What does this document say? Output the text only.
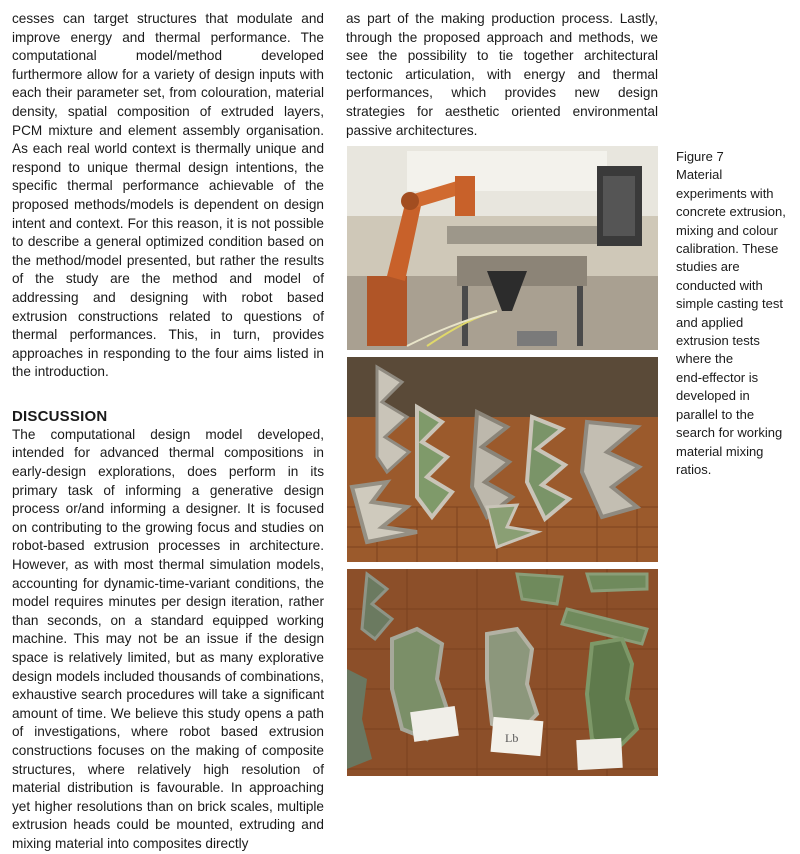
cesses can target structures that modulate and improve energy and thermal performance. The computational model/method developed furthermore allow for a variety of design inputs with each their parameter set, from colouration, material density, spatial composition of extruded layers, PCM mixture and element assembly organisation. As each real world context is thermally unique and respond to unique thermal design intentions, the specific thermal performance achievable of the proposed methods/models is dependent on design intent and context. For this reason, it is not possible to describe a general optimized condition based on the method/model presented, but rather the results of the study are the method and model of addressing and designing with robot based extrusion constructions related to questions of thermal performances. This, in turn, provides approaches in responding to the four aims listed in the introduction.

DISCUSSION

The computational design model developed, intended for advanced thermal compositions in early-design explorations, does perform in its primary task of informing a generative design process or/and informing a designer. It is focused on contributing to the growing focus and studies on robot-based extrusion processes in architecture. However, as with most thermal simulation models, accounting for dynamic-time-variant conditions, the model requires minutes per design iteration, rather than seconds, on a standard equipped working machine. This may not be an issue if the design space is relatively limited, but as many explorative design models included thousands of combinations, exhaustive search procedures will take a significant amount of time. We believe this study opens a path of investigations, where robot based extrusion constructions focuses on the making of composite structures, where relatively high resolution of material distribution is favourable. In approaching yet higher resolutions than on brick scales, multiple extrusion heads could be mounted, extruding and mixing material into composites directly

as part of the making production process. Lastly, through the proposed approach and methods, we see the possibility to tie together architectural tectonic articulation, with energy and thermal performances, which provides new design strategies for aesthetic oriented environmental passive architectures.

Lb
Figure 7
Material
experiments with
concrete extrusion,
mixing and colour
calibration. These
studies are
conducted with
simple casting test
and applied
extrusion tests
where the
end-effector is
developed in
parallel to the
search for working
material mixing
ratios.
